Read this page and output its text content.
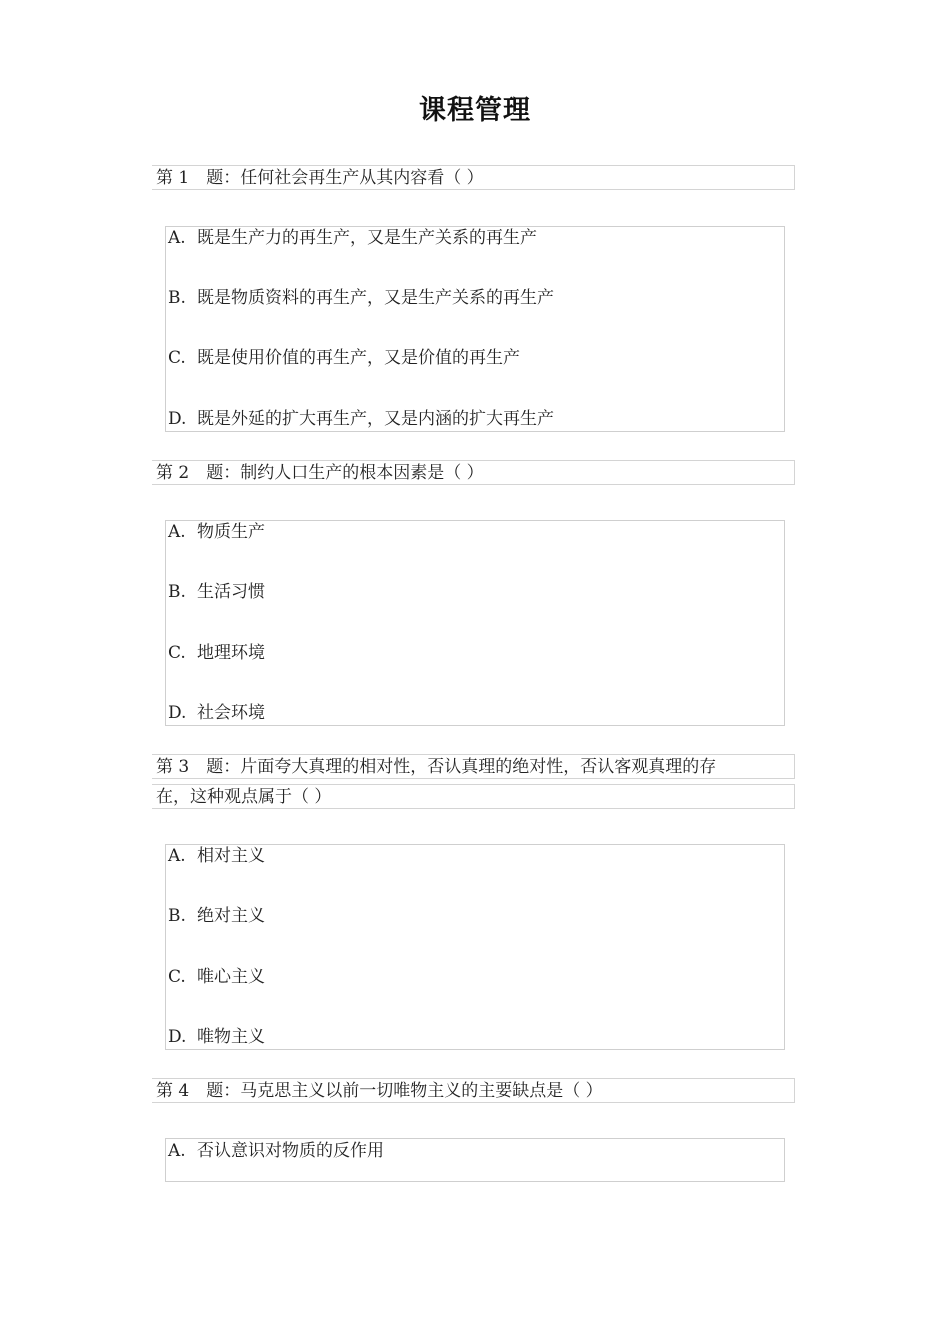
课程管理
第 1　题：任何社会再生产从其内容看（ ）
A. 既是生产力的再生产，又是生产关系的再生产
B. 既是物质资料的再生产，又是生产关系的再生产
C. 既是使用价值的再生产，又是价值的再生产
D. 既是外延的扩大再生产，又是内涵的扩大再生产
第 2　题：制约人口生产的根本因素是（ ）
A. 物质生产
B. 生活习惯
C. 地理环境
D. 社会环境
第 3　题：片面夸大真理的相对性，否认真理的绝对性，否认客观真理的存
在，这种观点属于（ ）
A. 相对主义
B. 绝对主义
C. 唯心主义
D. 唯物主义
第 4　题：马克思主义以前一切唯物主义的主要缺点是（ ）
A. 否认意识对物质的反作用
